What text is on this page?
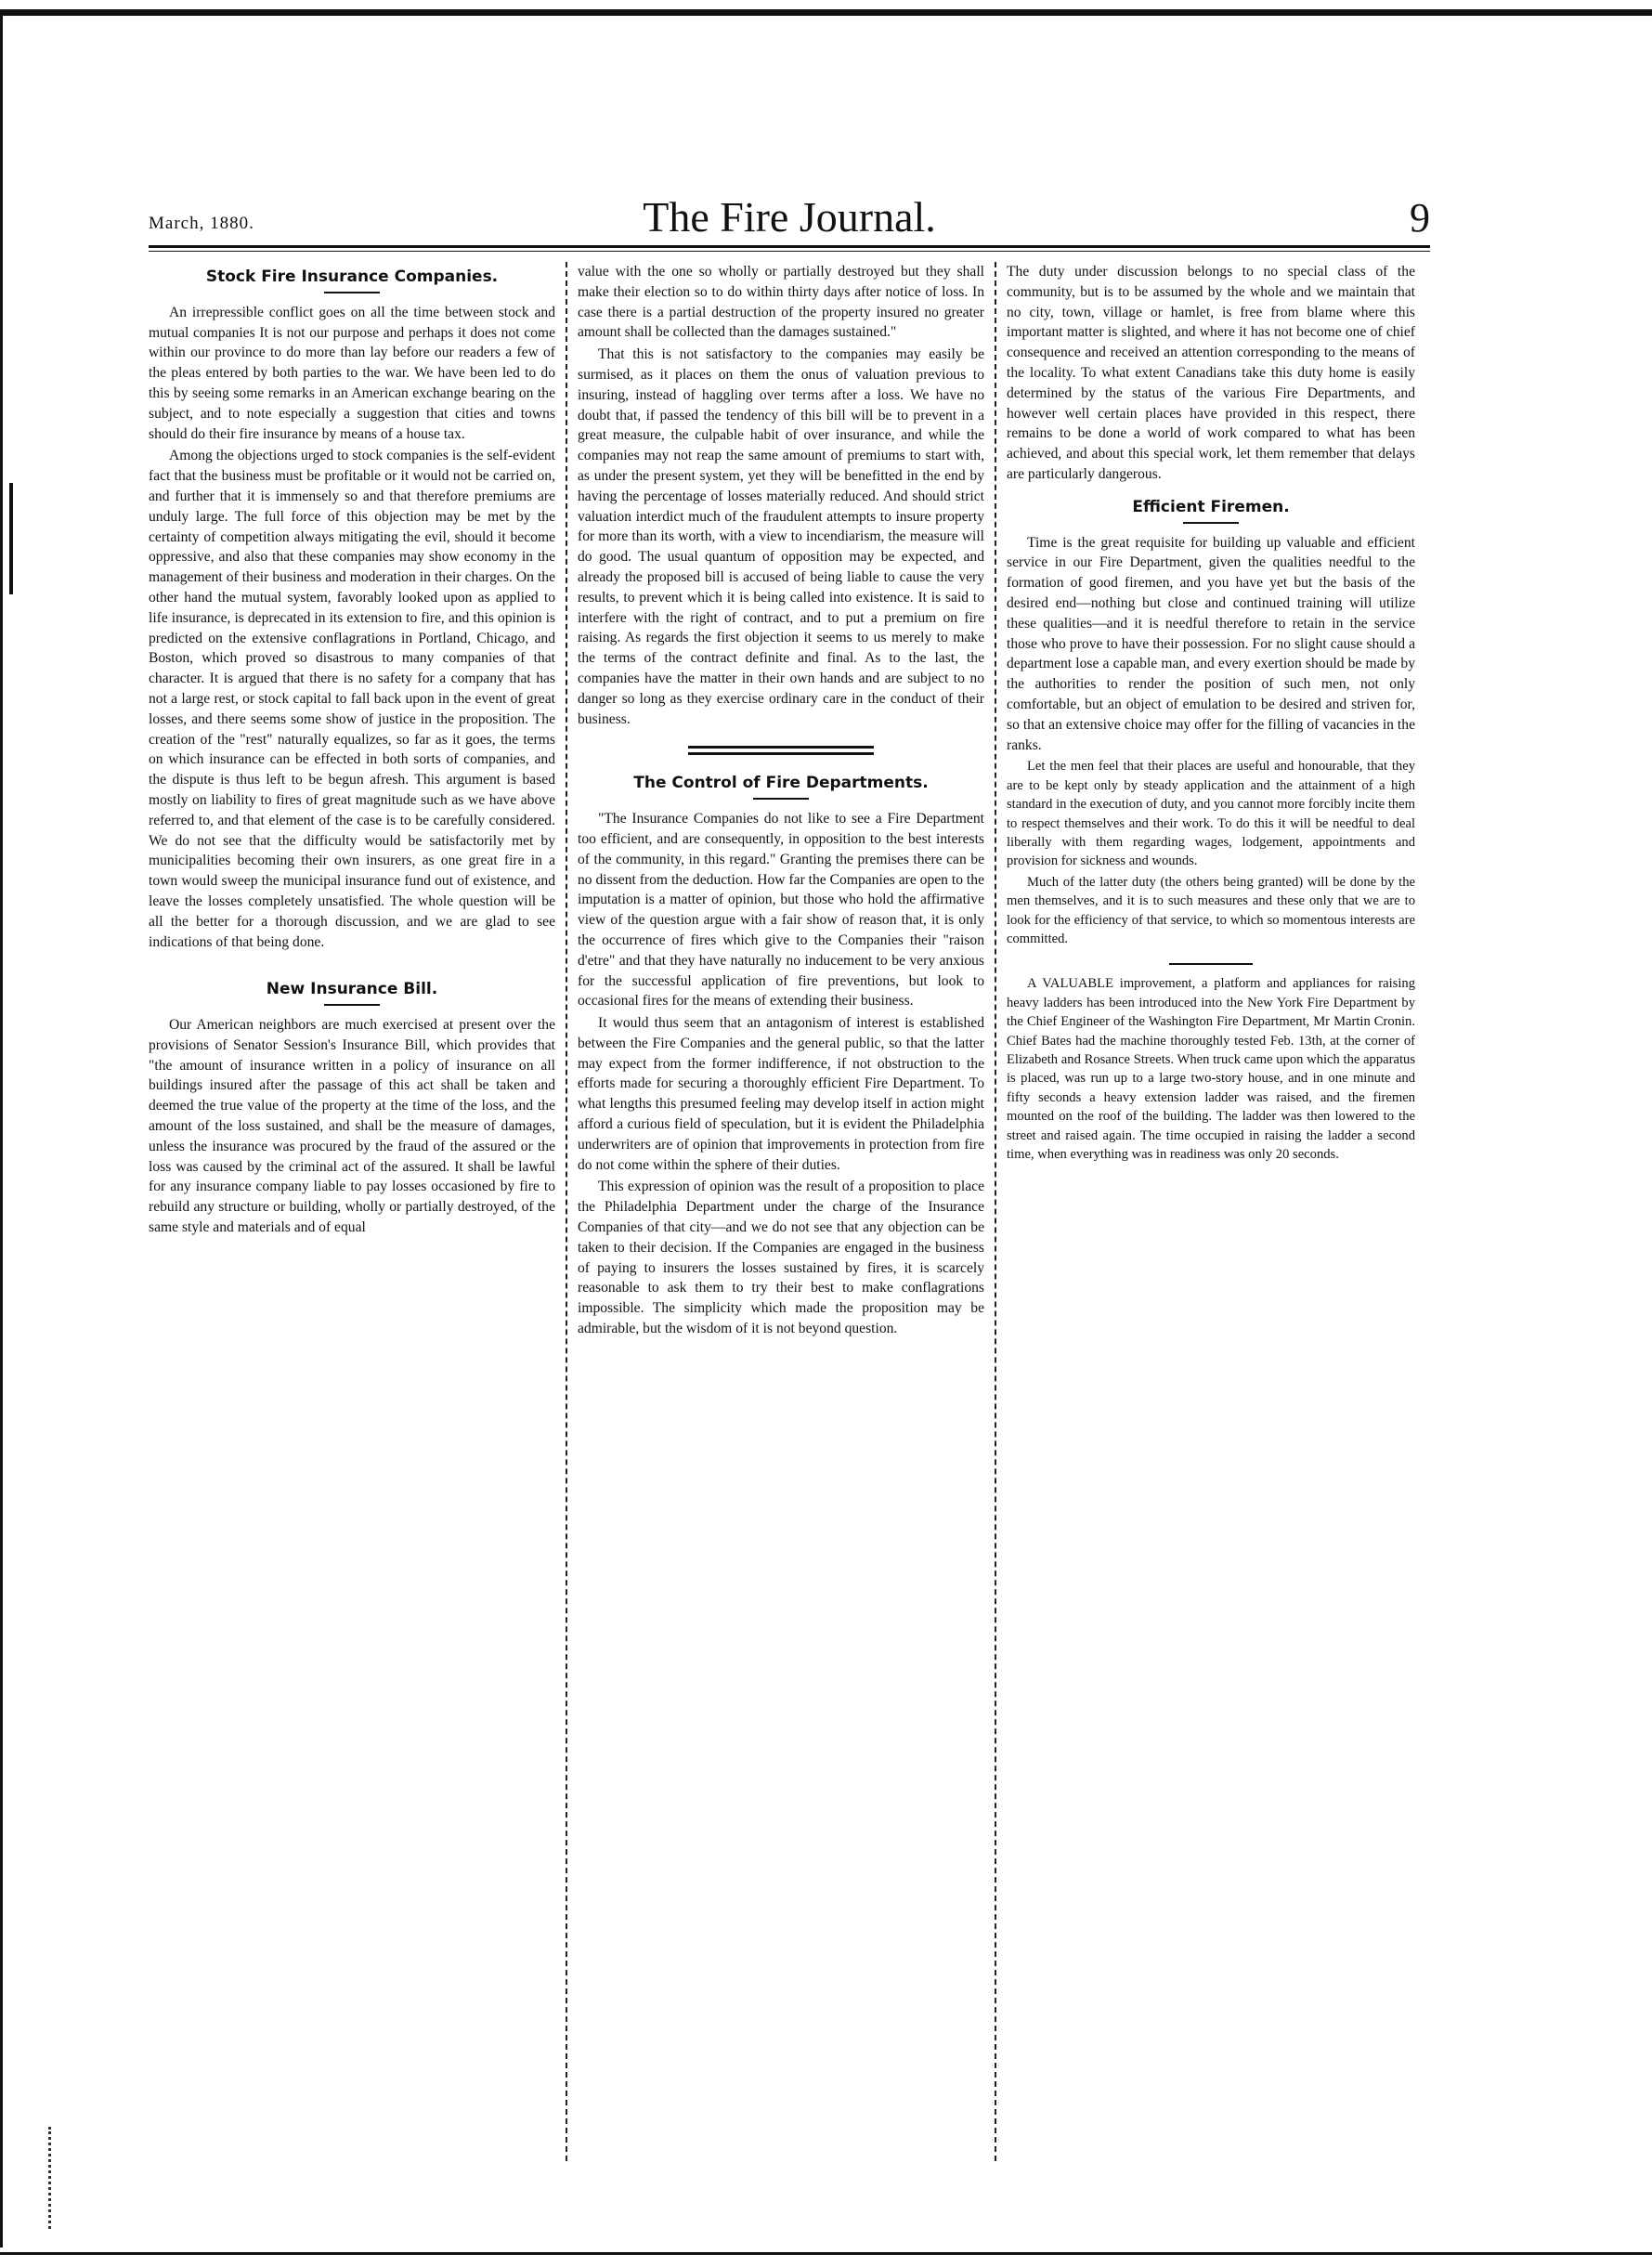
March, 1880.	The Fire Journal.	9
Stock Fire Insurance Companies.

An irrepressible conflict goes on all the time between stock and mutual companies It is not our purpose and perhaps it does not come within our province to do more than lay before our readers a few of the pleas entered by both parties to the war. We have been led to do this by seeing some remarks in an American exchange bearing on the subject, and to note especially a suggestion that cities and towns should do their fire insurance by means of a house tax.

Among the objections urged to stock companies is the self-evident fact that the business must be profitable or it would not be carried on, and further that it is immensely so and that therefore premiums are unduly large. The full force of this objection may be met by the certainty of competition always mitigating the evil, should it become oppressive, and also that these companies may show economy in the management of their business and moderation in their charges. On the other hand the mutual system, favorably looked upon as applied to life insurance, is deprecated in its extension to fire, and this opinion is predicted on the extensive conflagrations in Portland, Chicago, and Boston, which proved so disastrous to many companies of that character. It is argued that there is no safety for a company that has not a large rest, or stock capital to fall back upon in the event of great losses, and there seems some show of justice in the proposition. The creation of the "rest" naturally equalizes, so far as it goes, the terms on which insurance can be effected in both sorts of companies, and the dispute is thus left to be begun afresh. This argument is based mostly on liability to fires of great magnitude such as we have above referred to, and that element of the case is to be carefully considered. We do not see that the difficulty would be satisfactorily met by municipalities becoming their own insurers, as one great fire in a town would sweep the municipal insurance fund out of existence, and leave the losses completely unsatisfied. The whole question will be all the better for a thorough discussion, and we are glad to see indications of that being done.

New Insurance Bill.

Our American neighbors are much exercised at present over the provisions of Senator Session's Insurance Bill, which provides that "the amount of insurance written in a policy of insurance on all buildings insured after the passage of this act shall be taken and deemed the true value of the property at the time of the loss, and the amount of the loss sustained, and shall be the measure of damages, unless the insurance was procured by the fraud of the assured or the loss was caused by the criminal act of the assured. It shall be lawful for any insurance company liable to pay losses occasioned by fire to rebuild any structure or building, wholly or partially destroyed, of the same style and materials and of equal

value with the one so wholly or partially destroyed but they shall make their election so to do within thirty days after notice of loss. In case there is a partial destruction of the property insured no greater amount shall be collected than the damages sustained."

That this is not satisfactory to the companies may easily be surmised, as it places on them the onus of valuation previous to insuring, instead of haggling over terms after a loss. We have no doubt that, if passed the tendency of this bill will be to prevent in a great measure, the culpable habit of over insurance, and while the companies may not reap the same amount of premiums to start with, as under the present system, yet they will be benefitted in the end by having the percentage of losses materially reduced. And should strict valuation interdict much of the fraudulent attempts to insure property for more than its worth, with a view to incendiarism, the measure will do good. The usual quantum of opposition may be expected, and already the proposed bill is accused of being liable to cause the very results, to prevent which it is being called into existence. It is said to interfere with the right of contract, and to put a premium on fire raising. As regards the first objection it seems to us merely to make the terms of the contract definite and final. As to the last, the companies have the matter in their own hands and are subject to no danger so long as they exercise ordinary care in the conduct of their business.

The Control of Fire Departments.

"The Insurance Companies do not like to see a Fire Department too efficient, and are consequently, in opposition to the best interests of the community, in this regard." Granting the premises there can be no dissent from the deduction. How far the Companies are open to the imputation is a matter of opinion, but those who hold the affirmative view of the question argue with a fair show of reason that, it is only the occurrence of fires which give to the Companies their "raison d'etre" and that they have naturally no inducement to be very anxious for the successful application of fire preventions, but look to occasional fires for the means of extending their business.

It would thus seem that an antagonism of interest is established between the Fire Companies and the general public, so that the latter may expect from the former indifference, if not obstruction to the efforts made for securing a thoroughly efficient Fire Department. To what lengths this presumed feeling may develop itself in action might afford a curious field of speculation, but it is evident the Philadelphia underwriters are of opinion that improvements in protection from fire do not come within the sphere of their duties.

This expression of opinion was the result of a proposition to place the Philadelphia Department under the charge of the Insurance Companies of that city—and we do not see that any objection can be taken to their decision. If the Companies are engaged in the business of paying to insurers the losses sustained by fires, it is scarcely reasonable to ask them to try their best to make conflagrations impossible. The simplicity which made the proposition may be admirable, but the wisdom of it is not beyond question.

The duty under discussion belongs to no special class of the community, but is to be assumed by the whole and we maintain that no city, town, village or hamlet, is free from blame where this important matter is slighted, and where it has not become one of chief consequence and received an attention corresponding to the means of the locality. To what extent Canadians take this duty home is easily determined by the status of the various Fire Departments, and however well certain places have provided in this respect, there remains to be done a world of work compared to what has been achieved, and about this special work, let them remember that delays are particularly dangerous.

Efficient Firemen.

Time is the great requisite for building up valuable and efficient service in our Fire Department, given the qualities needful to the formation of good firemen, and you have yet but the basis of the desired end—nothing but close and continued training will utilize these qualities—and it is needful therefore to retain in the service those who prove to have their possession. For no slight cause should a department lose a capable man, and every exertion should be made by the authorities to render the position of such men, not only comfortable, but an object of emulation to be desired and striven for, so that an extensive choice may offer for the filling of vacancies in the ranks.

Let the men feel that their places are useful and honourable, that they are to be kept only by steady application and the attainment of a high standard in the execution of duty, and you cannot more forcibly incite them to respect themselves and their work. To do this it will be needful to deal liberally with them regarding wages, lodgement, appointments and provision for sickness and wounds.

Much of the latter duty (the others being granted) will be done by the men themselves, and it is to such measures and these only that we are to look for the efficiency of that service, to which so momentous interests are committed.

A VALUABLE improvement, a platform and appliances for raising heavy ladders has been introduced into the New York Fire Department by the Chief Engineer of the Washington Fire Department, Mr Martin Cronin. Chief Bates had the machine thoroughly tested Feb. 13th, at the corner of Elizabeth and Rosance Streets. When truck came upon which the apparatus is placed, was run up to a large two-story house, and in one minute and fifty seconds a heavy extension ladder was raised, and the firemen mounted on the roof of the building. The ladder was then lowered to the street and raised again. The time occupied in raising the ladder a second time, when everything was in readiness was only 20 seconds.
